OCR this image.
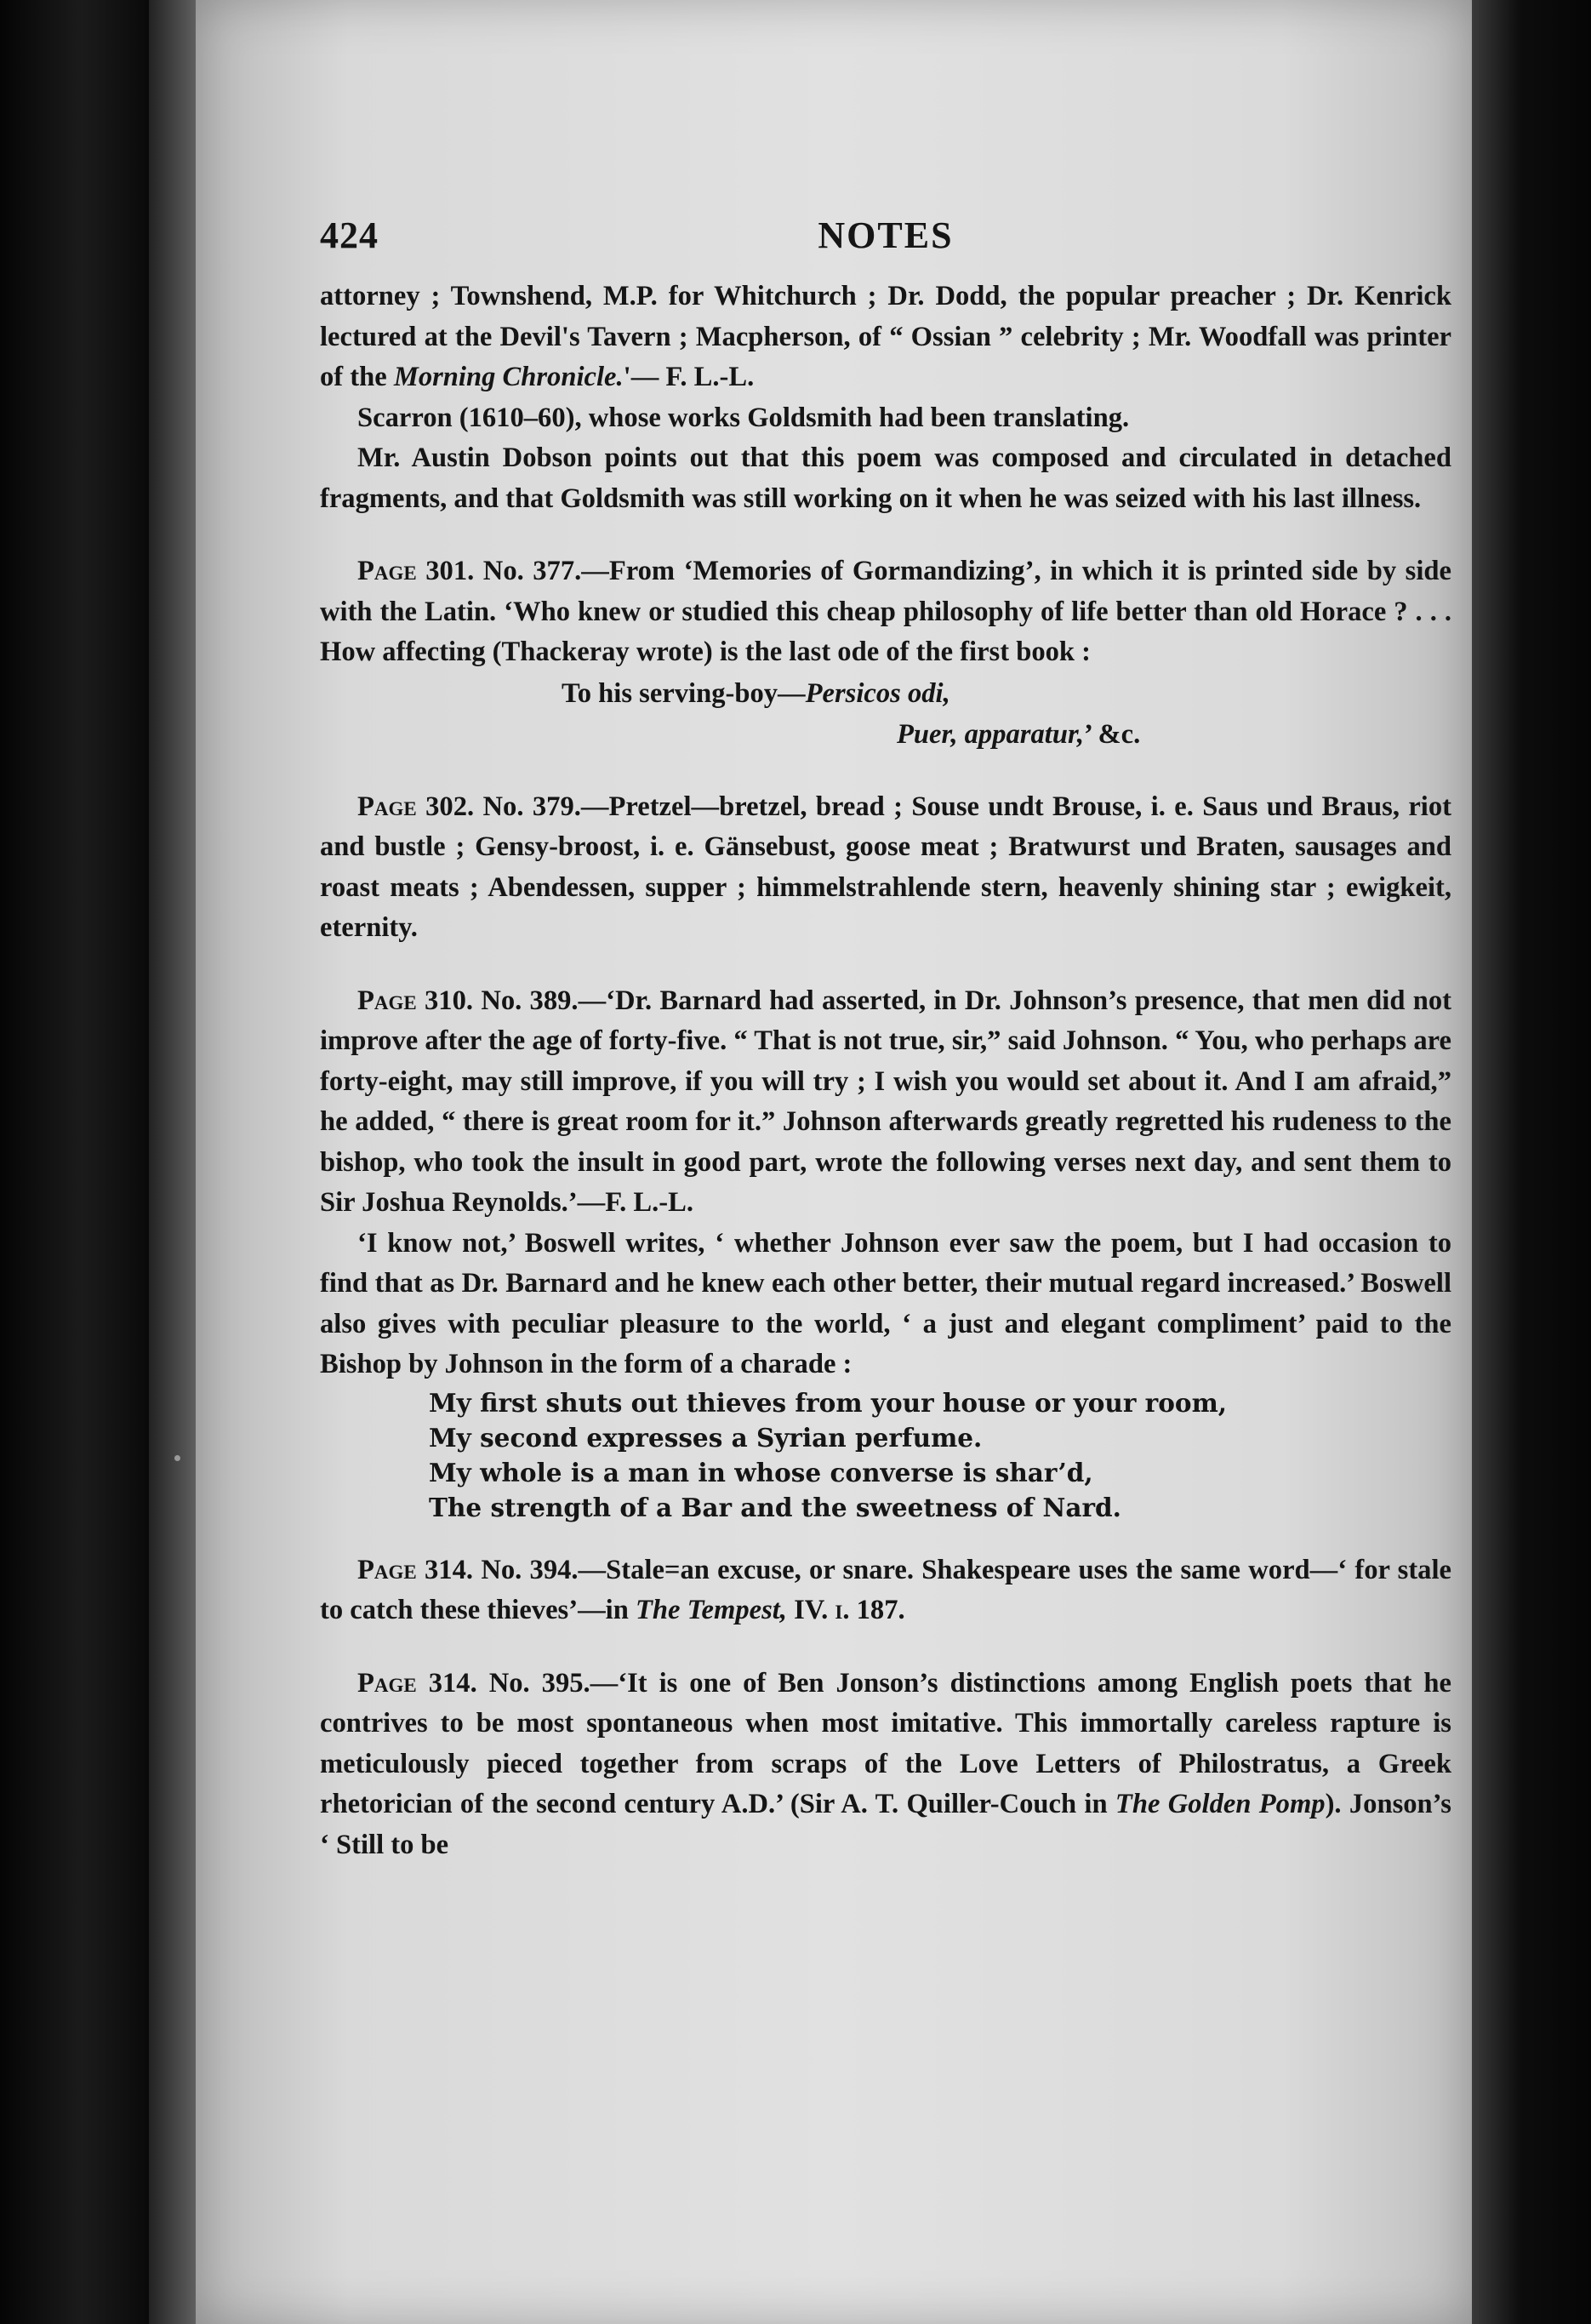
424	NOTES

attorney ; Townshend, M.P. for Whitchurch ; Dr. Dodd, the popular preacher ; Dr. Kenrick lectured at the Devil's Tavern ; Macpherson, of “ Ossian ” celebrity ; Mr. Woodfall was printer of the Morning Chronicle.'— F. L.-L.

Scarron (1610–60), whose works Goldsmith had been translating.

Mr. Austin Dobson points out that this poem was composed and circulated in detached fragments, and that Goldsmith was still working on it when he was seized with his last illness.

Page 301. No. 377.—From ‘Memories of Gormandizing’, in which it is printed side by side with the Latin. ‘Who knew or studied this cheap philosophy of life better than old Horace ? . . . How affecting (Thackeray wrote) is the last ode of the first book :

To his serving-boy—Persicos odi,
Puer, apparatur,’ &c.

Page 302. No. 379.—Pretzel—bretzel, bread ; Souse undt Brouse, i. e. Saus und Braus, riot and bustle ; Gensy-broost, i. e. Gänsebust, goose meat ; Bratwurst und Braten, sausages and roast meats ; Abendessen, supper ; himmelstrahlende stern, heavenly shining star ; ewigkeit, eternity.

Page 310. No. 389.—‘Dr. Barnard had asserted, in Dr. Johnson’s presence, that men did not improve after the age of forty-five. “ That is not true, sir,” said Johnson. “ You, who perhaps are forty-eight, may still improve, if you will try ; I wish you would set about it. And I am afraid,” he added, “ there is great room for it.” Johnson afterwards greatly regretted his rudeness to the bishop, who took the insult in good part, wrote the following verses next day, and sent them to Sir Joshua Reynolds.’—F. L.-L.

‘I know not,’ Boswell writes, ‘ whether Johnson ever saw the poem, but I had occasion to find that as Dr. Barnard and he knew each other better, their mutual regard increased.’ Boswell also gives with peculiar pleasure to the world, ‘ a just and elegant compliment’ paid to the Bishop by Johnson in the form of a charade :

My first shuts out thieves from your house or your room,
My second expresses a Syrian perfume.
My whole is a man in whose converse is shar’d,
The strength of a Bar and the sweetness of Nard.

Page 314. No. 394.—Stale=an excuse, or snare. Shakespeare uses the same word—‘ for stale to catch these thieves’—in The Tempest, IV. i. 187.

Page 314. No. 395.—‘It is one of Ben Jonson’s distinctions among English poets that he contrives to be most spontaneous when most imitative. This immortally careless rapture is meticulously pieced together from scraps of the Love Letters of Philostratus, a Greek rhetorician of the second century A.D.’ (Sir A. T. Quiller-Couch in The Golden Pomp). Jonson’s ‘ Still to be
